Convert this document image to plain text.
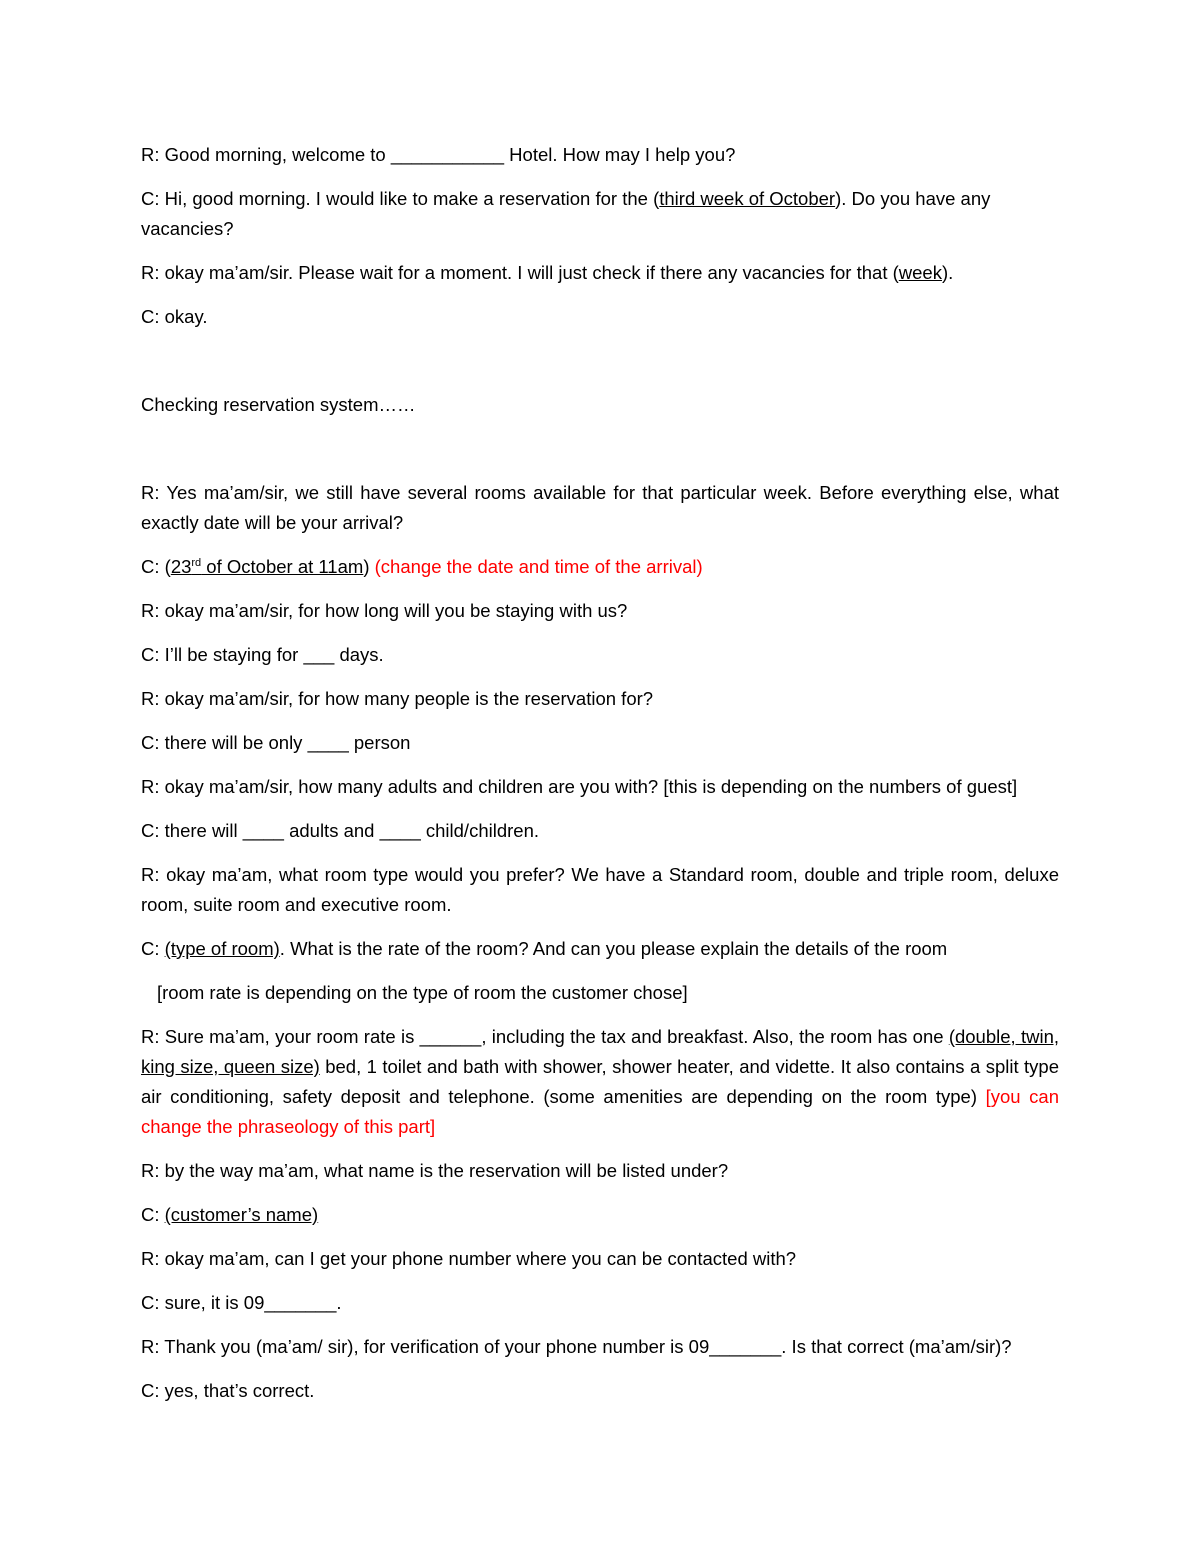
R: Good morning, welcome to ___________ Hotel. How may I help you?

C: Hi, good morning. I would like to make a reservation for the (third week of October). Do you have any vacancies?

R: okay ma’am/sir. Please wait for a moment. I will just check if there any vacancies for that (week).

C: okay.

Checking reservation system……

R: Yes ma’am/sir, we still have several rooms available for that particular week. Before everything else, what exactly date will be your arrival?

C: (23rd of October at 11am) (change the date and time of the arrival)

R: okay ma’am/sir, for how long will you be staying with us?

C: I’ll be staying for ___ days.

R: okay ma’am/sir, for how many people is the reservation for?

C: there will be only ____ person

R: okay ma’am/sir, how many adults and children are you with? [this is depending on the numbers of guest]

C: there will ____ adults and ____ child/children.

R: okay ma’am, what room type would you prefer? We have a Standard room, double and triple room, deluxe room, suite room and executive room.

C: (type of room). What is the rate of the room? And can you please explain the details of the room

[room rate is depending on the type of room the customer chose]

R: Sure ma’am, your room rate is ______, including the tax and breakfast. Also, the room has one (double, twin, king size, queen size) bed, 1 toilet and bath with shower, shower heater, and vidette. It also contains a split type air conditioning, safety deposit and telephone. (some amenities are depending on the room type) [you can change the phraseology of this part]

R: by the way ma’am, what name is the reservation will be listed under?

C: (customer’s name)

R: okay ma’am, can I get your phone number where you can be contacted with?

C: sure, it is 09_______.

R: Thank you (ma’am/ sir), for verification of your phone number is 09_______. Is that correct (ma’am/sir)?

C: yes, that’s correct.
